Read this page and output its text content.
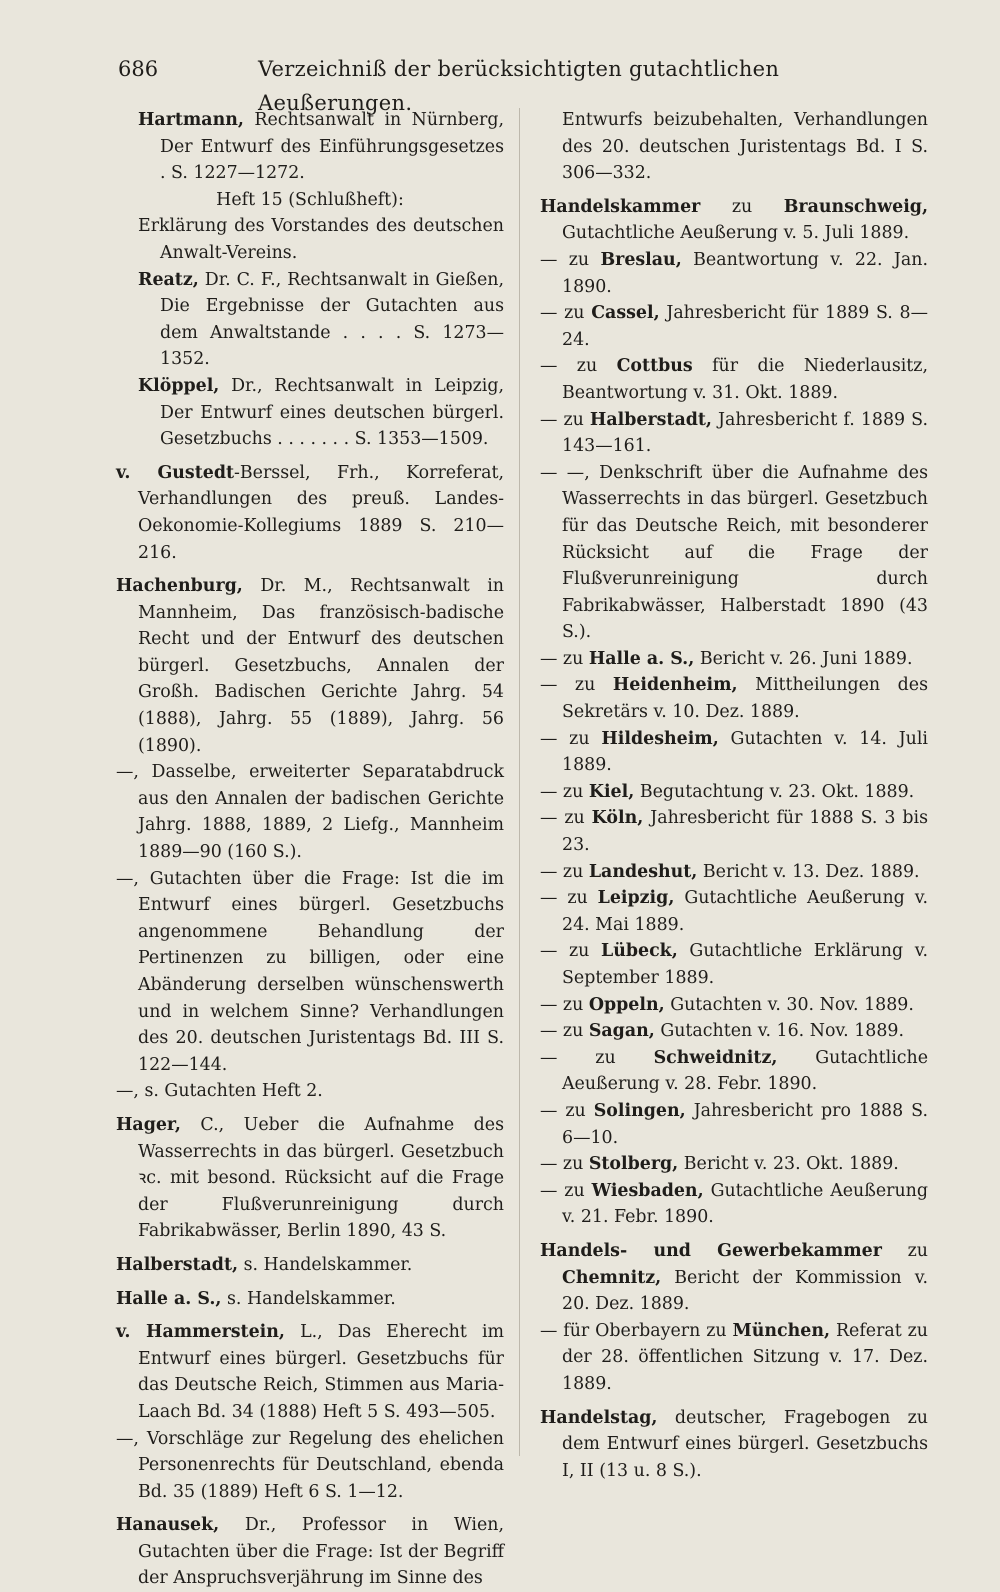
686	Verzeichniß der berücksichtigten gutachtlichen Aeußerungen.

Hartmann, Rechtsanwalt in Nürnberg, Der Entwurf des Einführungsgesetzes . S. 1227—1272.

Heft 15 (Schlußheft):

Erklärung des Vorstandes des deutschen Anwalt-Vereins.

Reatz, Dr. C. F., Rechtsanwalt in Gießen, Die Ergebnisse der Gutachten aus dem Anwaltstande . . . . S. 1273—1352.

Klöppel, Dr., Rechtsanwalt in Leipzig, Der Entwurf eines deutschen bürgerl. Gesetzbuchs . . . . . . . S. 1353—1509.

v. Gustedt-Berssel, Frh., Korreferat, Verhandlungen des preuß. Landes-Oekonomie-Kollegiums 1889 S. 210—216.

Hachenburg, Dr. M., Rechtsanwalt in Mannheim, Das französisch-badische Recht und der Entwurf des deutschen bürgerl. Gesetzbuchs, Annalen der Großh. Badischen Gerichte Jahrg. 54 (1888), Jahrg. 55 (1889), Jahrg. 56 (1890).

—, Dasselbe, erweiterter Separatabdruck aus den Annalen der badischen Gerichte Jahrg. 1888, 1889, 2 Liefg., Mannheim 1889—90 (160 S.).

—, Gutachten über die Frage: Ist die im Entwurf eines bürgerl. Gesetzbuchs angenommene Behandlung der Pertinenzen zu billigen, oder eine Abänderung derselben wünschenswerth und in welchem Sinne? Verhandlungen des 20. deutschen Juristentags Bd. III S. 122—144.

—, s. Gutachten Heft 2.

Hager, C., Ueber die Aufnahme des Wasserrechts in das bürgerl. Gesetzbuch ꝛc. mit besond. Rücksicht auf die Frage der Flußverunreinigung durch Fabrikabwässer, Berlin 1890, 43 S.

Halberstadt, s. Handelskammer.

Halle a. S., s. Handelskammer.

v. Hammerstein, L., Das Eherecht im Entwurf eines bürgerl. Gesetzbuchs für das Deutsche Reich, Stimmen aus Maria-Laach Bd. 34 (1888) Heft 5 S. 493—505.

—, Vorschläge zur Regelung des ehelichen Personenrechts für Deutschland, ebenda Bd. 35 (1889) Heft 6 S. 1—12.

Hanausek, Dr., Professor in Wien, Gutachten über die Frage: Ist der Begriff der Anspruchsverjährung im Sinne des

Entwurfs beizubehalten, Verhandlungen des 20. deutschen Juristentags Bd. I S. 306—332.

Handelskammer zu Braunschweig, Gutachtliche Aeußerung v. 5. Juli 1889.

— zu Breslau, Beantwortung v. 22. Jan. 1890.

— zu Cassel, Jahresbericht für 1889 S. 8—24.

— zu Cottbus für die Niederlausitz, Beantwortung v. 31. Okt. 1889.

— zu Halberstadt, Jahresbericht f. 1889 S. 143—161.

— —, Denkschrift über die Aufnahme des Wasserrechts in das bürgerl. Gesetzbuch für das Deutsche Reich, mit besonderer Rücksicht auf die Frage der Flußverunreinigung durch Fabrikabwässer, Halberstadt 1890 (43 S.).

— zu Halle a. S., Bericht v. 26. Juni 1889.

— zu Heidenheim, Mittheilungen des Sekretärs v. 10. Dez. 1889.

— zu Hildesheim, Gutachten v. 14. Juli 1889.

— zu Kiel, Begutachtung v. 23. Okt. 1889.

— zu Köln, Jahresbericht für 1888 S. 3 bis 23.

— zu Landeshut, Bericht v. 13. Dez. 1889.

— zu Leipzig, Gutachtliche Aeußerung v. 24. Mai 1889.

— zu Lübeck, Gutachtliche Erklärung v. September 1889.

— zu Oppeln, Gutachten v. 30. Nov. 1889.

— zu Sagan, Gutachten v. 16. Nov. 1889.

— zu Schweidnitz, Gutachtliche Aeußerung v. 28. Febr. 1890.

— zu Solingen, Jahresbericht pro 1888 S. 6—10.

— zu Stolberg, Bericht v. 23. Okt. 1889.

— zu Wiesbaden, Gutachtliche Aeußerung v. 21. Febr. 1890.

Handels- und Gewerbekammer zu Chemnitz, Bericht der Kommission v. 20. Dez. 1889.

— für Oberbayern zu München, Referat zu der 28. öffentlichen Sitzung v. 17. Dez. 1889.

Handelstag, deutscher, Fragebogen zu dem Entwurf eines bürgerl. Gesetzbuchs I, II (13 u. 8 S.).
